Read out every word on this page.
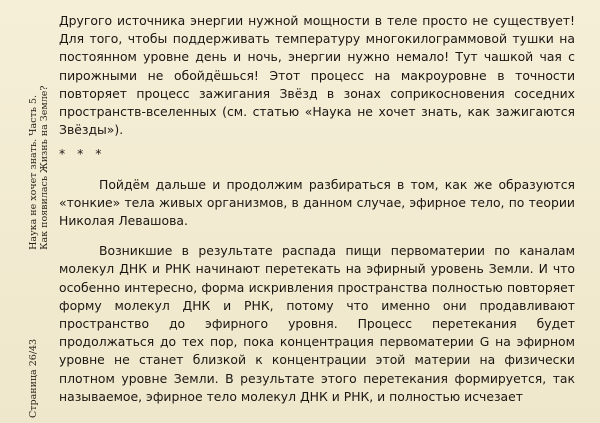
Страница 26/43 Наука не хочет знать. Часть 5.
Как появилась Жизнь на Земле?

Другого источника энергии нужной мощности в теле просто не существует! Для того, чтобы поддерживать температуру многокилограммовой тушки на постоянном уровне день и ночь, энергии нужно немало! Тут чашкой чая с пирожными не обойдёшься! Этот процесс на макроуровне в точности повторяет процесс зажигания Звёзд в зонах соприкосновения соседних пространств-вселенных (см. статью «Наука не хочет знать, как зажигаются Звёзды»).

* * *

Пойдём дальше и продолжим разбираться в том, как же образуются «тонкие» тела живых организмов, в данном случае, эфирное тело, по теории Николая Левашова.

Возникшие в результате распада пищи первоматерии по каналам молекул ДНК и РНК начинают перетекать на эфирный уровень Земли. И что особенно интересно, форма искривления пространства полностью повторяет форму молекул ДНК и РНК, потому что именно они продавливают пространство до эфирного уровня. Процесс перетекания будет продолжаться до тех пор, пока концентрация первоматерии G на эфирном уровне не станет близкой к концентрации этой материи на физически плотном уровне Земли. В результате этого перетекания формируется, так называемое, эфирное тело молекул ДНК и РНК, и полностью исчезает
